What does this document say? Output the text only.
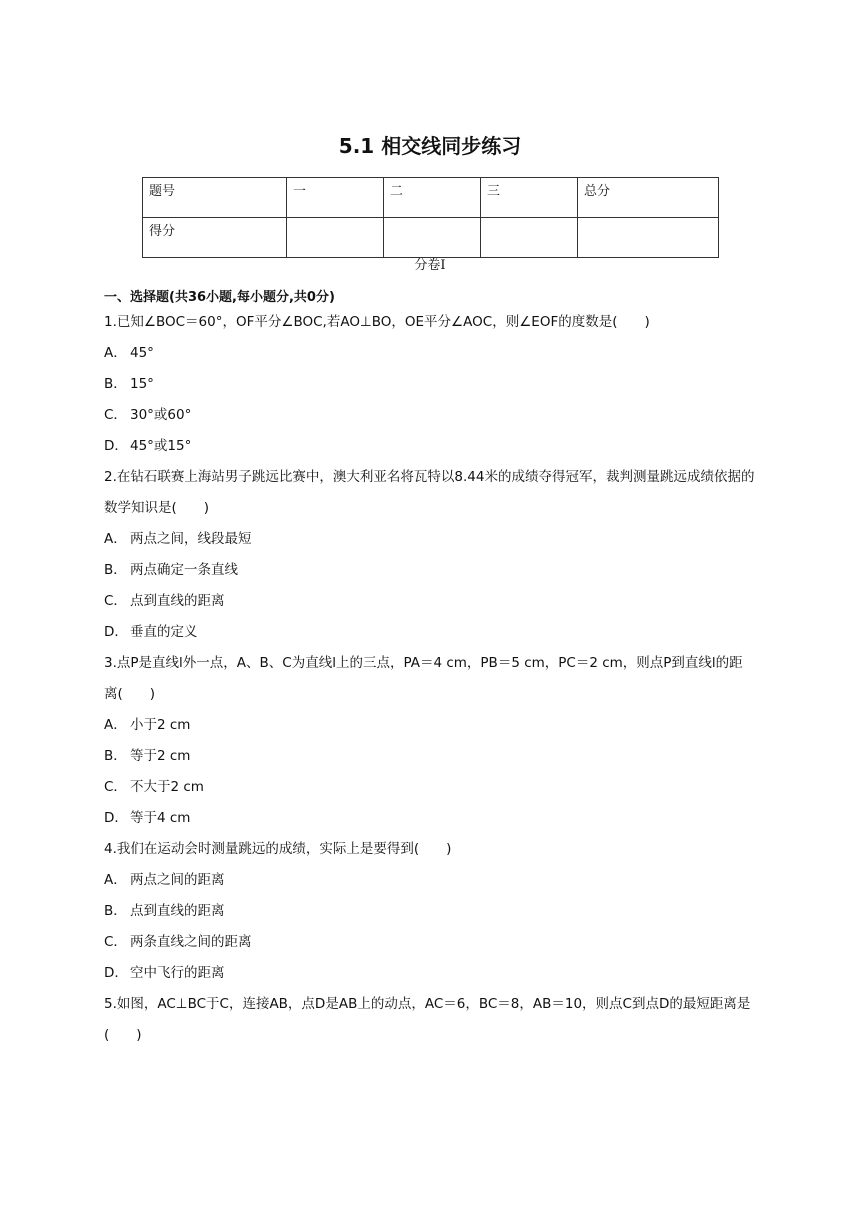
5.1 相交线同步练习
题号	一	二	三	总分
得分				
分卷I
一、选择题(共36小题,每小题分,共0分)
1.已知∠BOC＝60°，OF平分∠BOC,若AO⊥BO，OE平分∠AOC，则∠EOF的度数是(　　)
A． 45°
B． 15°
C． 30°或60°
D． 45°或15°
2.在钻石联赛上海站男子跳远比赛中，澳大利亚名将瓦特以8.44米的成绩夺得冠军，裁判测量跳远成绩依据的数学知识是(　　)
A． 两点之间，线段最短
B． 两点确定一条直线
C． 点到直线的距离
D． 垂直的定义
3.点P是直线l外一点，A、B、C为直线l上的三点，PA＝4 cm，PB＝5 cm，PC＝2 cm，则点P到直线l的距离(　　)
A． 小于2 cm
B． 等于2 cm
C． 不大于2 cm
D． 等于4 cm
4.我们在运动会时测量跳远的成绩，实际上是要得到(　　)
A． 两点之间的距离
B． 点到直线的距离
C． 两条直线之间的距离
D． 空中飞行的距离
5.如图，AC⊥BC于C，连接AB，点D是AB上的动点，AC＝6，BC＝8，AB＝10，则点C到点D的最短距离是(　　)
